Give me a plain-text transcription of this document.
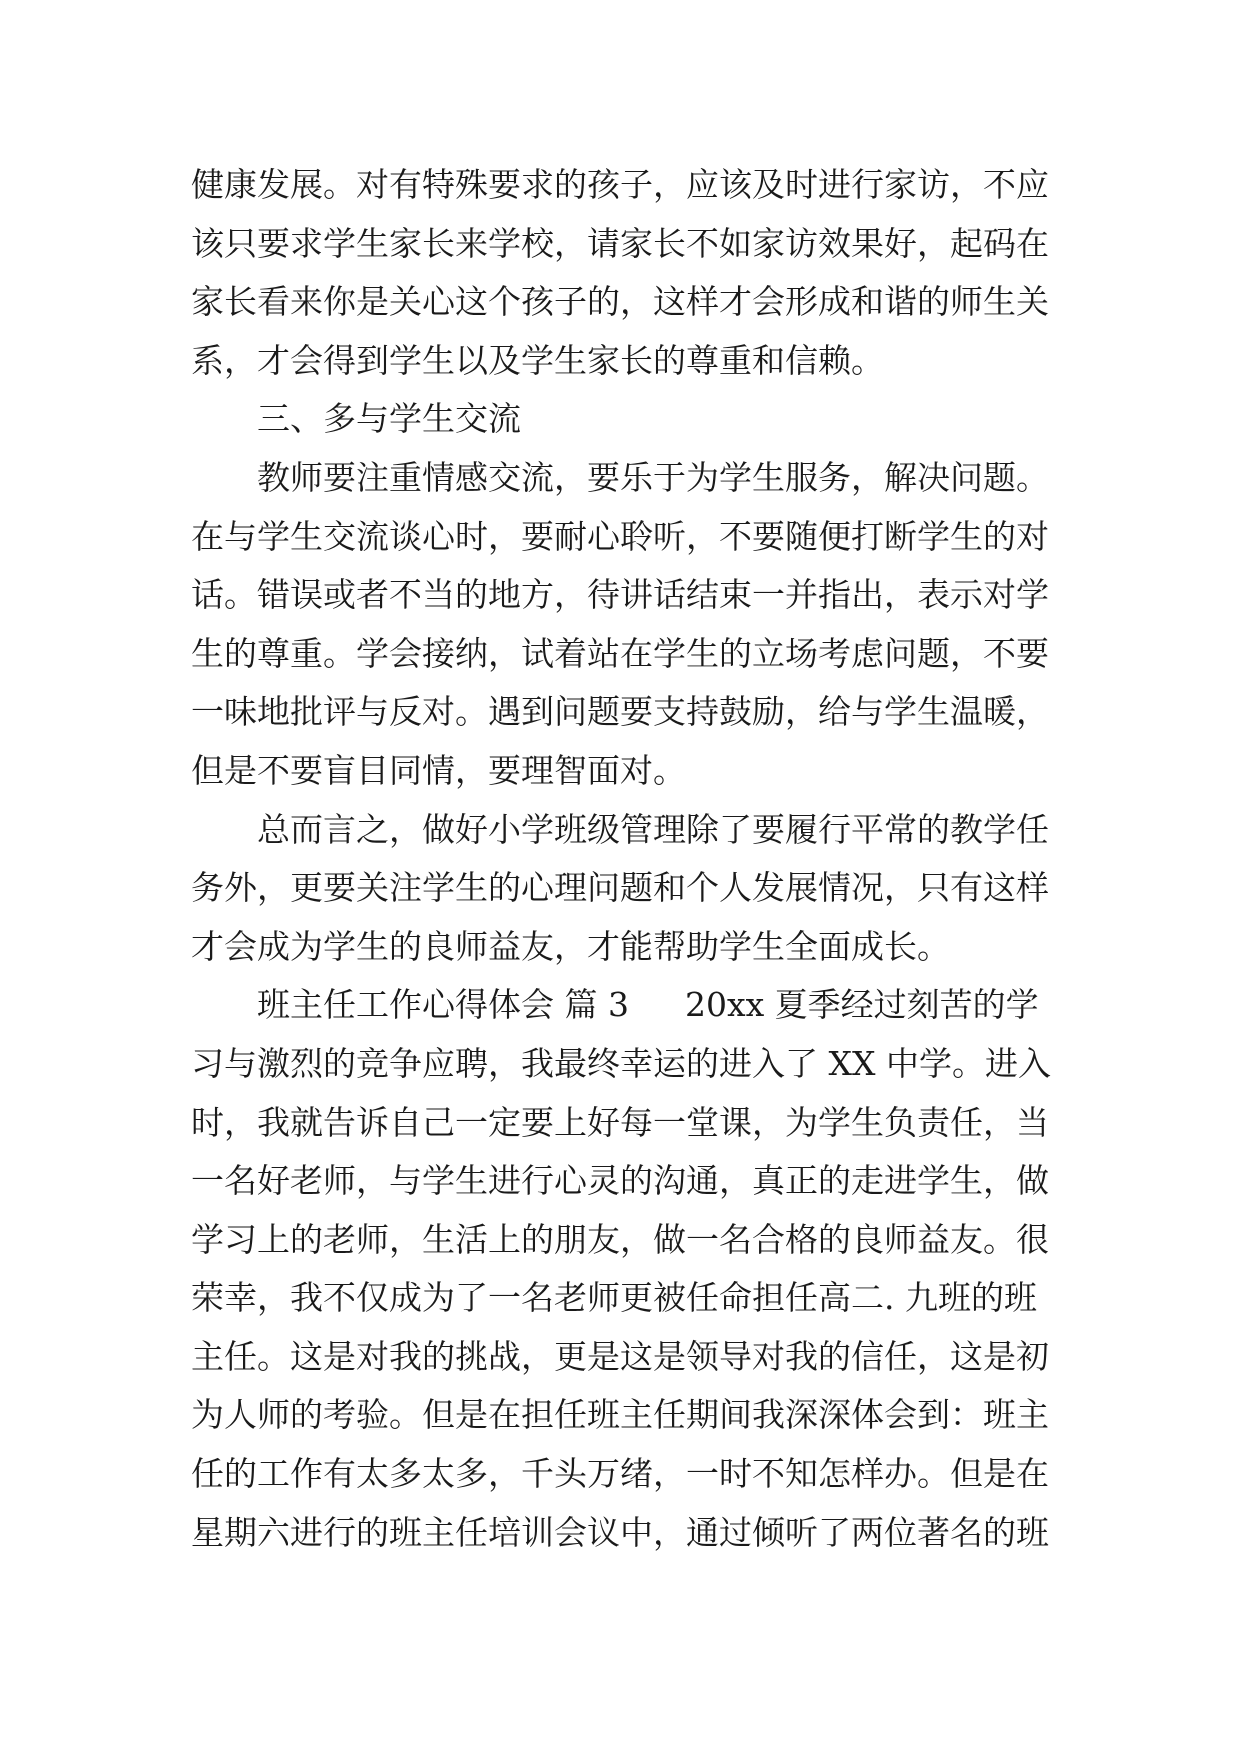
健康发展。对有特殊要求的孩子，应该及时进行家访，不应
该只要求学生家长来学校，请家长不如家访效果好，起码在
家长看来你是关心这个孩子的，这样才会形成和谐的师生关
系，才会得到学生以及学生家长的尊重和信赖。
三、多与学生交流
教师要注重情感交流，要乐于为学生服务，解决问题。
在与学生交流谈心时，要耐心聆听，不要随便打断学生的对
话。错误或者不当的地方，待讲话结束一并指出，表示对学
生的尊重。学会接纳，试着站在学生的立场考虑问题，不要
一味地批评与反对。遇到问题要支持鼓励，给与学生温暖，
但是不要盲目同情，要理智面对。
总而言之，做好小学班级管理除了要履行平常的教学任
务外，更要关注学生的心理问题和个人发展情况，只有这样
才会成为学生的良师益友，才能帮助学生全面成长。
班主任工作心得体会 篇 3 20xx 夏季经过刻苦的学
习与激烈的竞争应聘，我最终幸运的进入了 XX 中学。进入
时，我就告诉自己一定要上好每一堂课，为学生负责任，当
一名好老师，与学生进行心灵的沟通，真正的走进学生，做
学习上的老师，生活上的朋友，做一名合格的良师益友。很
荣幸，我不仅成为了一名老师更被任命担任高二. 九班的班
主任。这是对我的挑战，更是这是领导对我的信任，这是初
为人师的考验。但是在担任班主任期间我深深体会到：班主
任的工作有太多太多，千头万绪，一时不知怎样办。但是在
星期六进行的班主任培训会议中，通过倾听了两位著名的班
